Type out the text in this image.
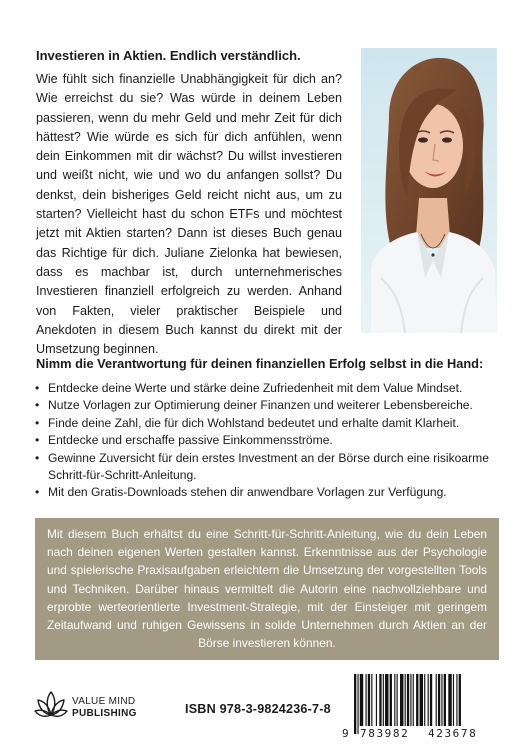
Investieren in Aktien. Endlich verständlich.
Wie fühlt sich finanzielle Unabhängigkeit für dich an? Wie erreichst du sie? Was würde in deinem Leben passieren, wenn du mehr Geld und mehr Zeit für dich hättest? Wie würde es sich für dich anfühlen, wenn dein Einkommen mit dir wächst? Du willst investieren und weißt nicht, wie und wo du anfangen sollst? Du denkst, dein bisheriges Geld reicht nicht aus, um zu starten? Vielleicht hast du schon ETFs und möchtest jetzt mit Aktien starten? Dann ist dieses Buch genau das Richtige für dich. Juliane Zielonka hat bewiesen, dass es machbar ist, durch unternehmerisches Investieren finanziell erfolgreich zu werden. Anhand von Fakten, vieler praktischer Beispiele und Anekdoten in diesem Buch kannst du direkt mit der Umsetzung beginnen.
Nimm die Verantwortung für deinen finanziellen Erfolg selbst in die Hand:
• Entdecke deine Werte und stärke deine Zufriedenheit mit dem Value Mindset.
• Nutze Vorlagen zur Optimierung deiner Finanzen und weiterer Lebensbereiche.
• Finde deine Zahl, die für dich Wohlstand bedeutet und erhalte damit Klarheit.
• Entdecke und erschaffe passive Einkommensströme.
• Gewinne Zuversicht für dein erstes Investment an der Börse durch eine risikoarme Schritt-für-Schritt-Anleitung.
• Mit den Gratis-Downloads stehen dir anwendbare Vorlagen zur Verfügung.
Mit diesem Buch erhältst du eine Schritt-für-Schritt-Anleitung, wie du dein Leben nach deinen eigenen Werten gestalten kannst. Erkenntnisse aus der Psychologie und spielerische Praxisaufgaben erleichtern die Umsetzung der vorgestellten Tools und Techniken. Darüber hinaus vermittelt die Autorin eine nachvollziehbare und erprobte werteorientierte Investment-Strategie, mit der Einsteiger mit geringem Zeitaufwand und ruhigen Gewissens in solide Unternehmen durch Aktien an der Börse investieren können.
VALUE MIND
PUBLISHING	ISBN 978-3-9824236-7-8
9 783982 423678
